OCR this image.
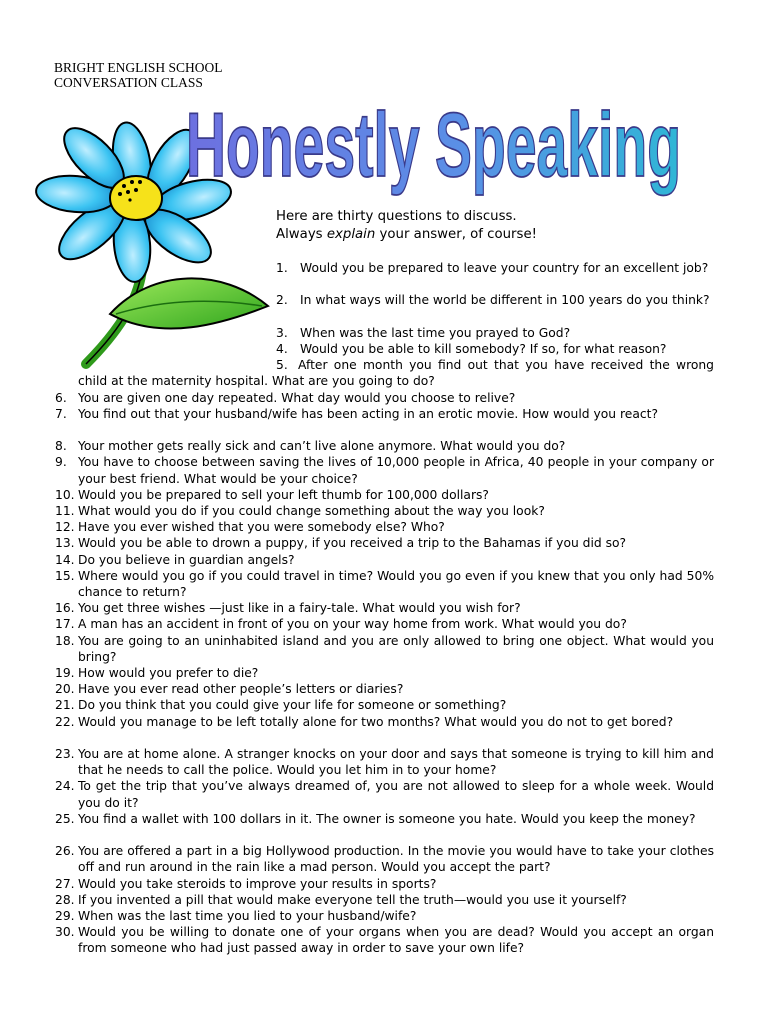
BRIGHT ENGLISH SCHOOL
CONVERSATION CLASS
Honestly Speaking
Here are thirty questions to discuss.
Always explain your answer, of course!
1. Would you be prepared to leave your country for an excellent job?
2. In what ways will the world be different in 100 years do you think?
3. When was the last time you prayed to God?
4. Would you be able to kill somebody? If so, for what reason?
5. After one month you find out that you have received the wrong child at the maternity hospital. What are you going to do?
6. You are given one day repeated. What day would you choose to relive?
7. You find out that your husband/wife has been acting in an erotic movie. How would you react?
8. Your mother gets really sick and can’t live alone anymore. What would you do?
9. You have to choose between saving the lives of 10,000 people in Africa, 40 people in your company or your best friend. What would be your choice?
10. Would you be prepared to sell your left thumb for 100,000 dollars?
11. What would you do if you could change something about the way you look?
12. Have you ever wished that you were somebody else? Who?
13. Would you be able to drown a puppy, if you received a trip to the Bahamas if you did so?
14. Do you believe in guardian angels?
15. Where would you go if you could travel in time? Would you go even if you knew that you only had 50% chance to return?
16. You get three wishes —just like in a fairy-tale. What would you wish for?
17. A man has an accident in front of you on your way home from work. What would you do?
18. You are going to an uninhabited island and you are only allowed to bring one object. What would you bring?
19. How would you prefer to die?
20. Have you ever read other people’s letters or diaries?
21. Do you think that you could give your life for someone or something?
22. Would you manage to be left totally alone for two months? What would you do not to get bored?
23. You are at home alone. A stranger knocks on your door and says that someone is trying to kill him and that he needs to call the police. Would you let him in to your home?
24. To get the trip that you’ve always dreamed of, you are not allowed to sleep for a whole week. Would you do it?
25. You find a wallet with 100 dollars in it. The owner is someone you hate. Would you keep the money?
26. You are offered a part in a big Hollywood production. In the movie you would have to take your clothes off and run around in the rain like a mad person. Would you accept the part?
27. Would you take steroids to improve your results in sports?
28. If you invented a pill that would make everyone tell the truth—would you use it yourself?
29. When was the last time you lied to your husband/wife?
30. Would you be willing to donate one of your organs when you are dead? Would you accept an organ from someone who had just passed away in order to save your own life?
